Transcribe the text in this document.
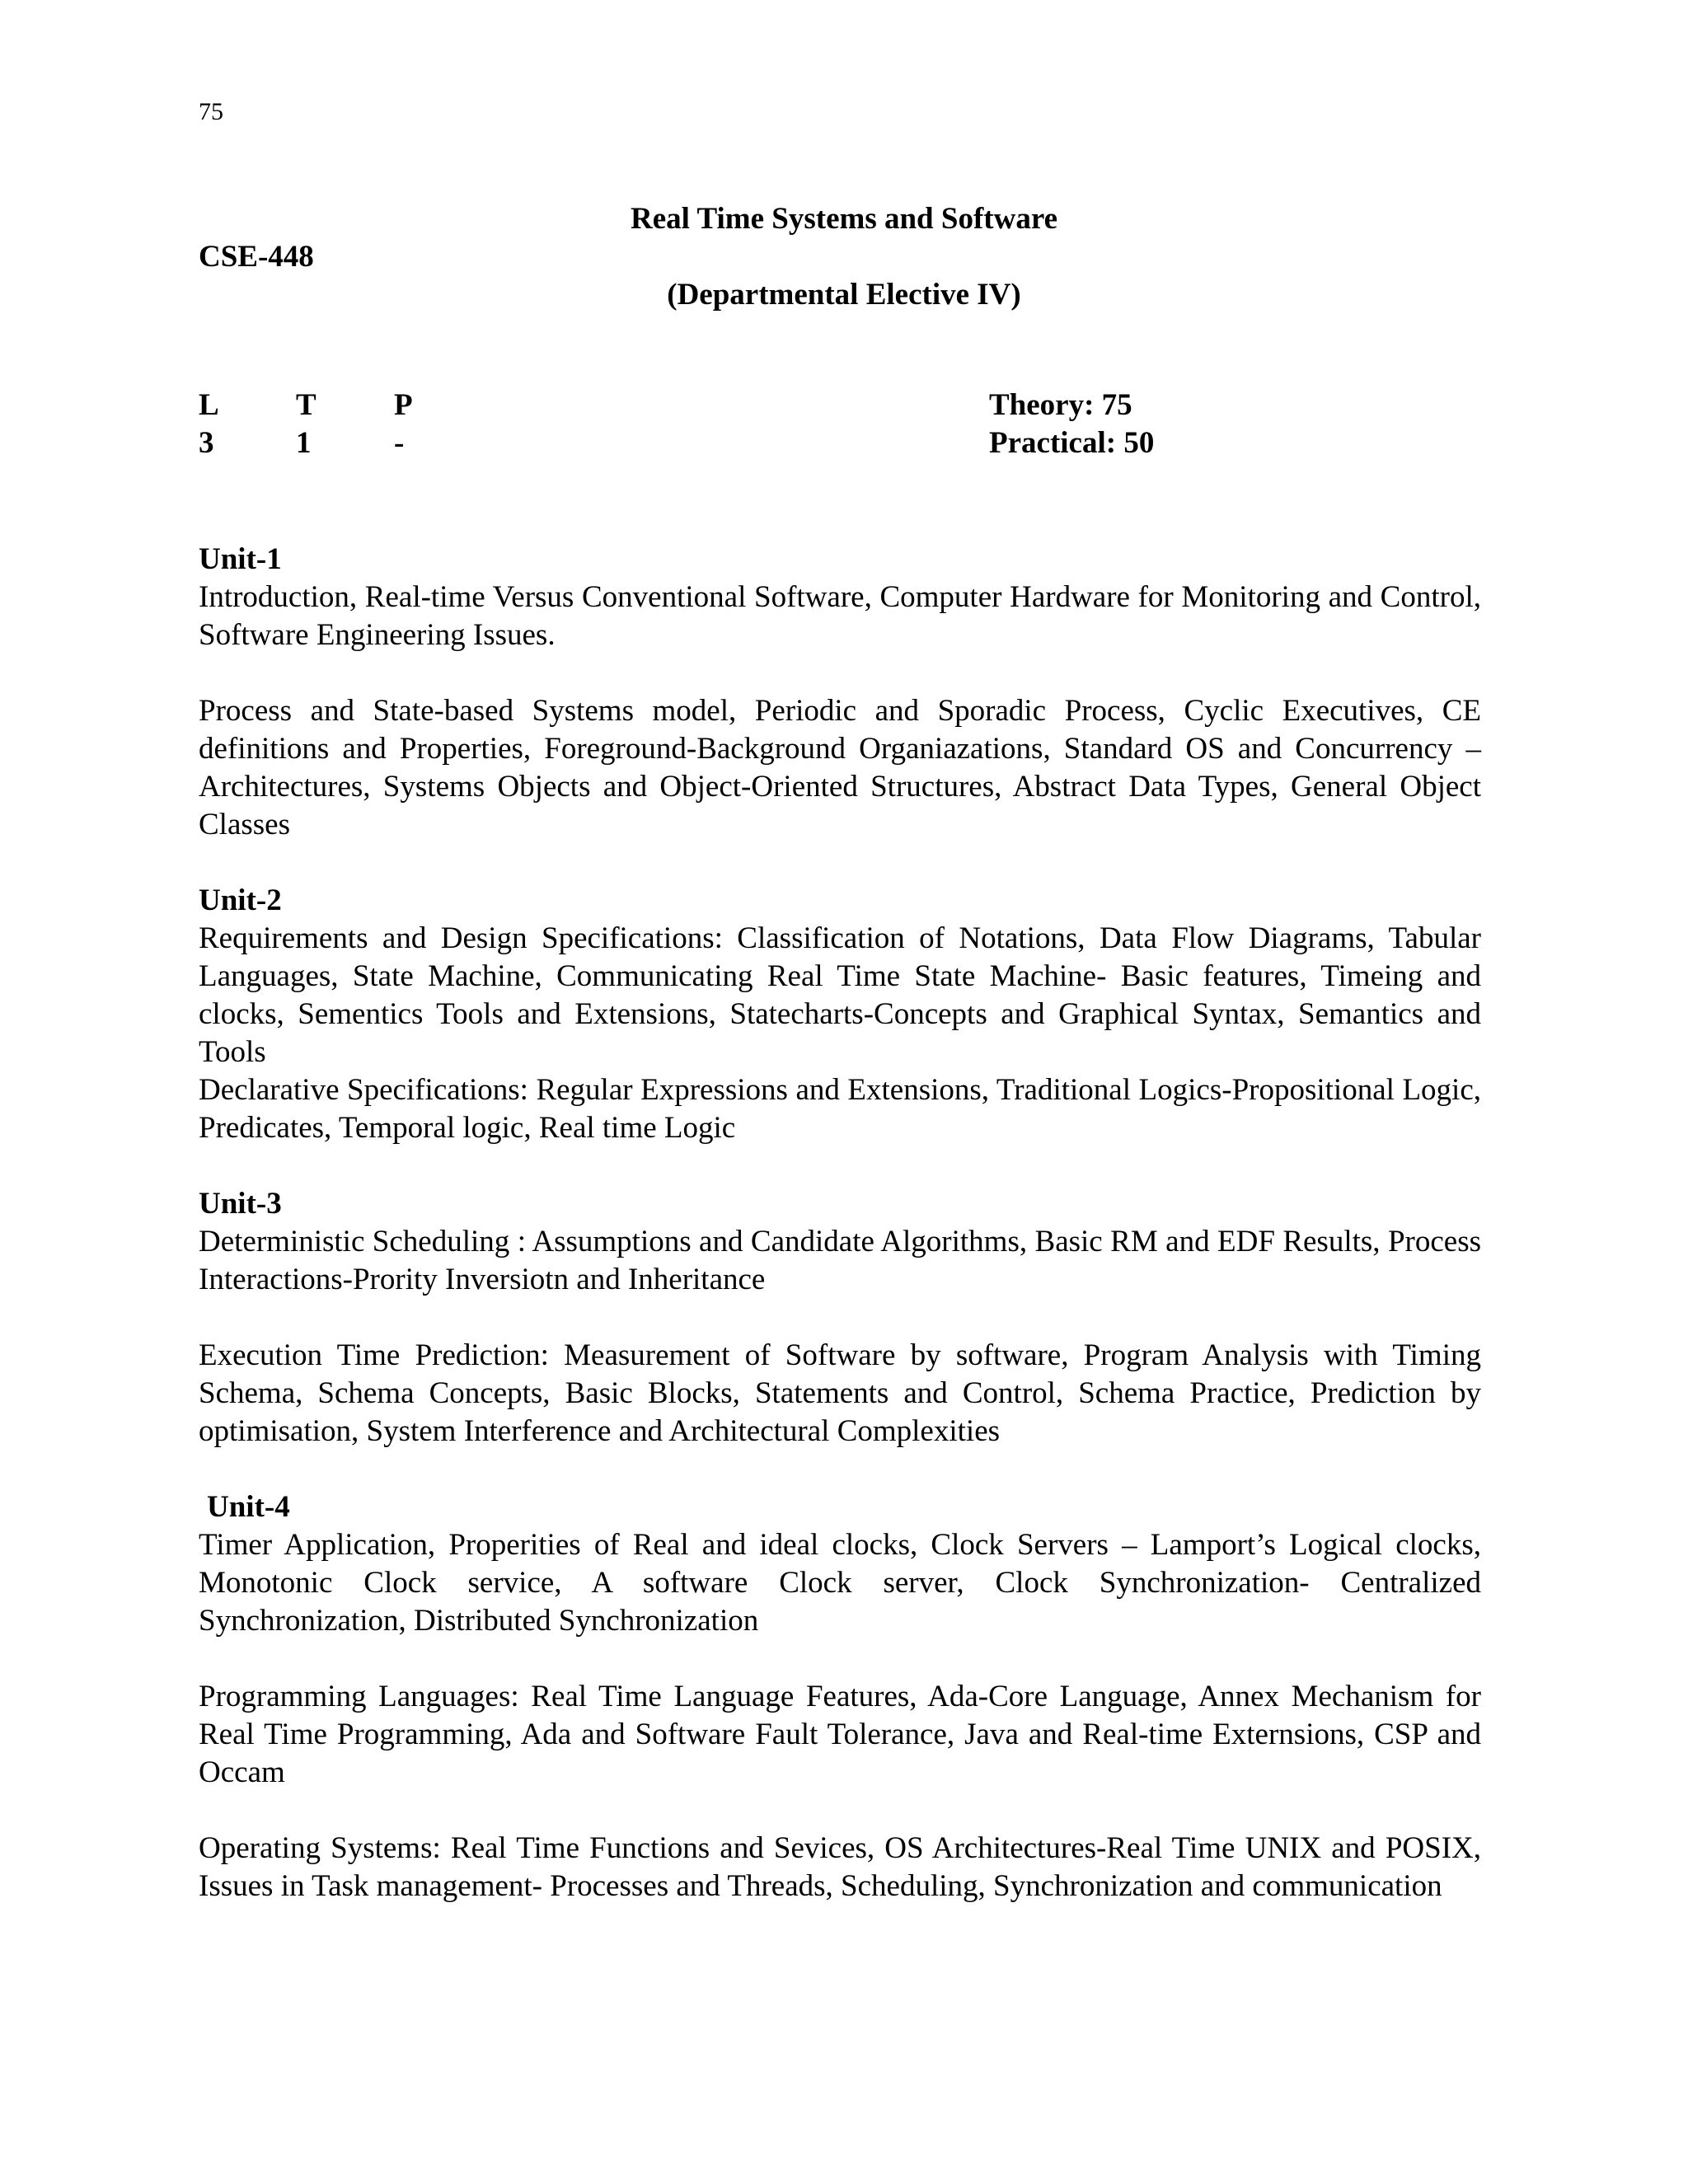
75
Real Time Systems and Software
CSE-448
(Departmental Elective IV)
L	T	P
3	1	-
Theory: 75
Practical: 50
Unit-1

Introduction, Real-time Versus Conventional Software, Computer Hardware for Monitoring and Control, Software Engineering Issues.

Process and State-based Systems model, Periodic and Sporadic Process, Cyclic Executives, CE definitions and Properties, Foreground-Background Organiazations, Standard OS and Concurrency – Architectures, Systems Objects and Object-Oriented Structures, Abstract Data Types, General Object Classes

Unit-2

Requirements and Design Specifications: Classification of Notations, Data Flow Diagrams, Tabular Languages, State Machine, Communicating Real Time State Machine- Basic features, Timeing and clocks, Sementics Tools and Extensions, Statecharts-Concepts and Graphical Syntax, Semantics and Tools

Declarative Specifications: Regular Expressions and Extensions, Traditional Logics-Propositional Logic, Predicates, Temporal logic, Real time Logic

Unit-3

Deterministic Scheduling : Assumptions and Candidate Algorithms, Basic RM and EDF Results, Process Interactions-Prority Inversiotn and Inheritance

Execution Time Prediction: Measurement of Software by software, Program Analysis with Timing Schema, Schema Concepts, Basic Blocks, Statements and Control, Schema Practice, Prediction by optimisation, System Interference and Architectural Complexities

Unit-4

Timer Application, Properities of Real and ideal clocks, Clock Servers – Lamport’s Logical clocks, Monotonic Clock service, A software Clock server, Clock Synchronization- Centralized Synchronization, Distributed Synchronization

Programming Languages: Real Time Language Features, Ada-Core Language, Annex Mechanism for Real Time Programming, Ada and Software Fault Tolerance, Java and Real-time Externsions, CSP and Occam

Operating Systems: Real Time Functions and Sevices, OS Architectures-Real Time UNIX and POSIX, Issues in Task management- Processes and Threads, Scheduling, Synchronization and communication
